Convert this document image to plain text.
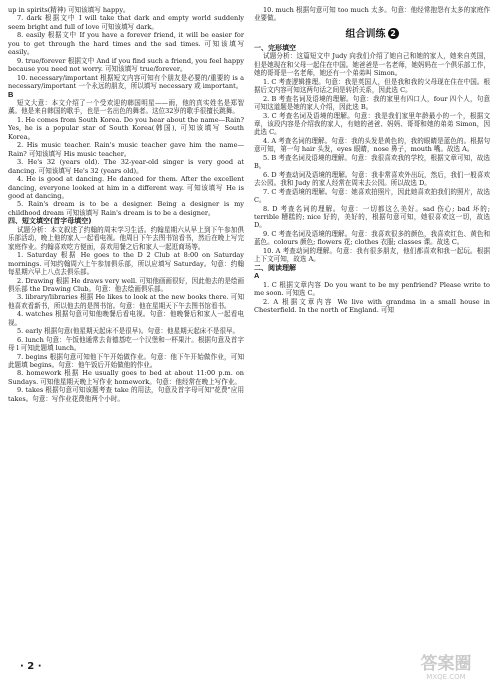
up in spirits(精神) 可知该填写 happy。

7. dark 根据文中 I will take that dark and empty world suddenly seem bright and full of love 可知该填写 dark。

8. easily 根据文中 If you have a forever friend, it will be easier for you to get through the hard times and the sad times. 可知该填写 easily。

9. true/forever 根据文中 And if you find such a friend, you feel happy because you need not worry. 可知该填写 true/forever。

10. necessary/important 根据短文内容可知有个朋友是必要的/重要的 is a necessary/important 一个永远的朋友，所以填写 necessary 或 important。

B

短文大意：本文介绍了一个受欢迎的韩国明星——雨，他的真实姓名是郑智薰。他是来自韩国的歌手，也是一名出色的舞者。这位32岁的歌手很擅长跳舞。

1. He comes from South Korea. Do you hear about the name—Rain? Yes, he is a popular star of South Korea(韩国), 可知该填写 South Korea。

2. His music teacher. Rain's music teacher gave him the name—Rain? 可知该填写 His music teacher。

3. He's 32 (years old). The 32-year-old singer is very good at dancing. 可知该填写 He's 32 (years old)。

4. He is good at dancing. He danced for them. After the excellent dancing, everyone looked at him in a different way. 可知该填写 He is good at dancing。

5. Rain's dream is to be a designer. Being a designer is my childhood dream 可知该填写 Rain's dream is to be a designer。

四、短文填空(首字母填空)

试题分析：本文叙述了约翰的周末学习生活。约翰星期六从早上到下午参加俱乐部活动，晚上他的家人一起看电视。他周日下午去图书馆看书，然后在晚上写完家庭作业。约翰喜欢吃方便面，喜欢用餐之后和家人一起逛商场等。

1. Saturday 根据 He goes to the D 2 Club at 8:00 on Saturday mornings. 可知约翰周六上午参加俱乐部，所以应填写 Saturday。句意：约翰每星期六早上八点去俱乐部。

2. Drawing 根据 He draws very well. 可知他画画很好，因此他去的是绘画俱乐部 the Drawing Club。句意：他去绘画俱乐部。

3. library/libraries 根据 He likes to look at the new books there. 可知他喜欢看新书，所以他去的是图书馆。句意：他在星期天下午去图书馆看书。

4. watches 根据句意可知他晚餐后看电视。句意：他晚餐后和家人一起看电视。

5. early 根据句意(他星期天起床不是很早)。句意：他星期天起床不是很早。

6. lunch 句意：午饭他通常去肯德基吃一个汉堡和一杯果汁。根据句意及首字母 l 可知此题填 lunch。

7. begins 根据句意可知他下午开始做作业。句意：他下午开始做作业，可知此题填 begins。句意：他午饭后开始做他的作业。

8. homework 根据 He usually goes to bed at about 11:00 p.m. on Sundays. 可知他星期天晚上写作业 homework。句意：他经常在晚上写作业。

9. takes 根据句意可知该题考查 take 的用法，句意及首字母可知"花费"应用 takes。句意：写作业花费他两个小时。

10. much 根据句意可知 too much 太多。句意：他经常抱怨有太多的家庭作业要做。

组合训练 2

一、完形填空

试题分析：这篇短文中 Judy 向我们介绍了她自己和她的家人，她来自英国，但是她现在和父母一起住在中国。她爸爸是一名老师，她妈妈在一个俱乐部工作，她的哥哥是一名老师，她还有一个弟弟叫 Simon。

1. C 考查逻辑推理。句意：我是英国人，但是我和我的父母现在住在中国。根据后文内容可知这两句话之间是转折关系，因此选 C。

2. B 考查名词及语境的理解。句意：我的家里有四口人，four 四个人，句意可知这道题是她的家人介绍，因此选 B。

3. C 考查名词及语境的理解。句意：我是我们家里年龄最小的一个，根据文章，该段内容是介绍我的家人，有她的爸爸、妈妈、哥哥和她的弟弟 Simon，因此选 C。

4. A 考查名词的理解。句意：我的头发是黄色的，我的眼睛是蓝色的。根据句意可知，第一句 hair 头发，eyes 眼睛，nose 鼻子，mouth 嘴。故选 A。

5. B 考查名词及语境的理解。句意：我很喜欢我的学校，根据文章可知，故选 B。

6. D 考查动词及语境的理解。句意：我非常喜欢外出玩，然后，我们一般喜欢去公园。我和 Judy 的家人经常在周末去公园。所以故选 D。

7. C 考查语境的理解。句意：她喜欢拍照片，因此她喜欢拍我们的照片，故选 C。

8. D 考查名词的理解。句意：一切都这么美好。sad 伤心; bad 坏的; terrible 糟糕的; nice 好的，美好的，根据句意可知，她很喜欢这一切，故选 D。

9. C 考查名词及语境的理解。句意：我喜欢很多的颜色，我喜欢红色、黄色和蓝色。colours 颜色; flowers 花; clothes 衣服; classes 课。故选 C。

10. A 考查动词的理解。句意：我有很多朋友，他们都喜欢和我一起玩。根据上下文可知，故选 A。

二、阅读理解

A

1. C 根据文章内容 Do you want to be my penfriend? Please write to me soon. 可知选 C。

2. A 根据文章内容 We live with grandma in a small house in Chesterfield. In the north of England. 可知

· 2 ·	答案圈
MXQE.COM
